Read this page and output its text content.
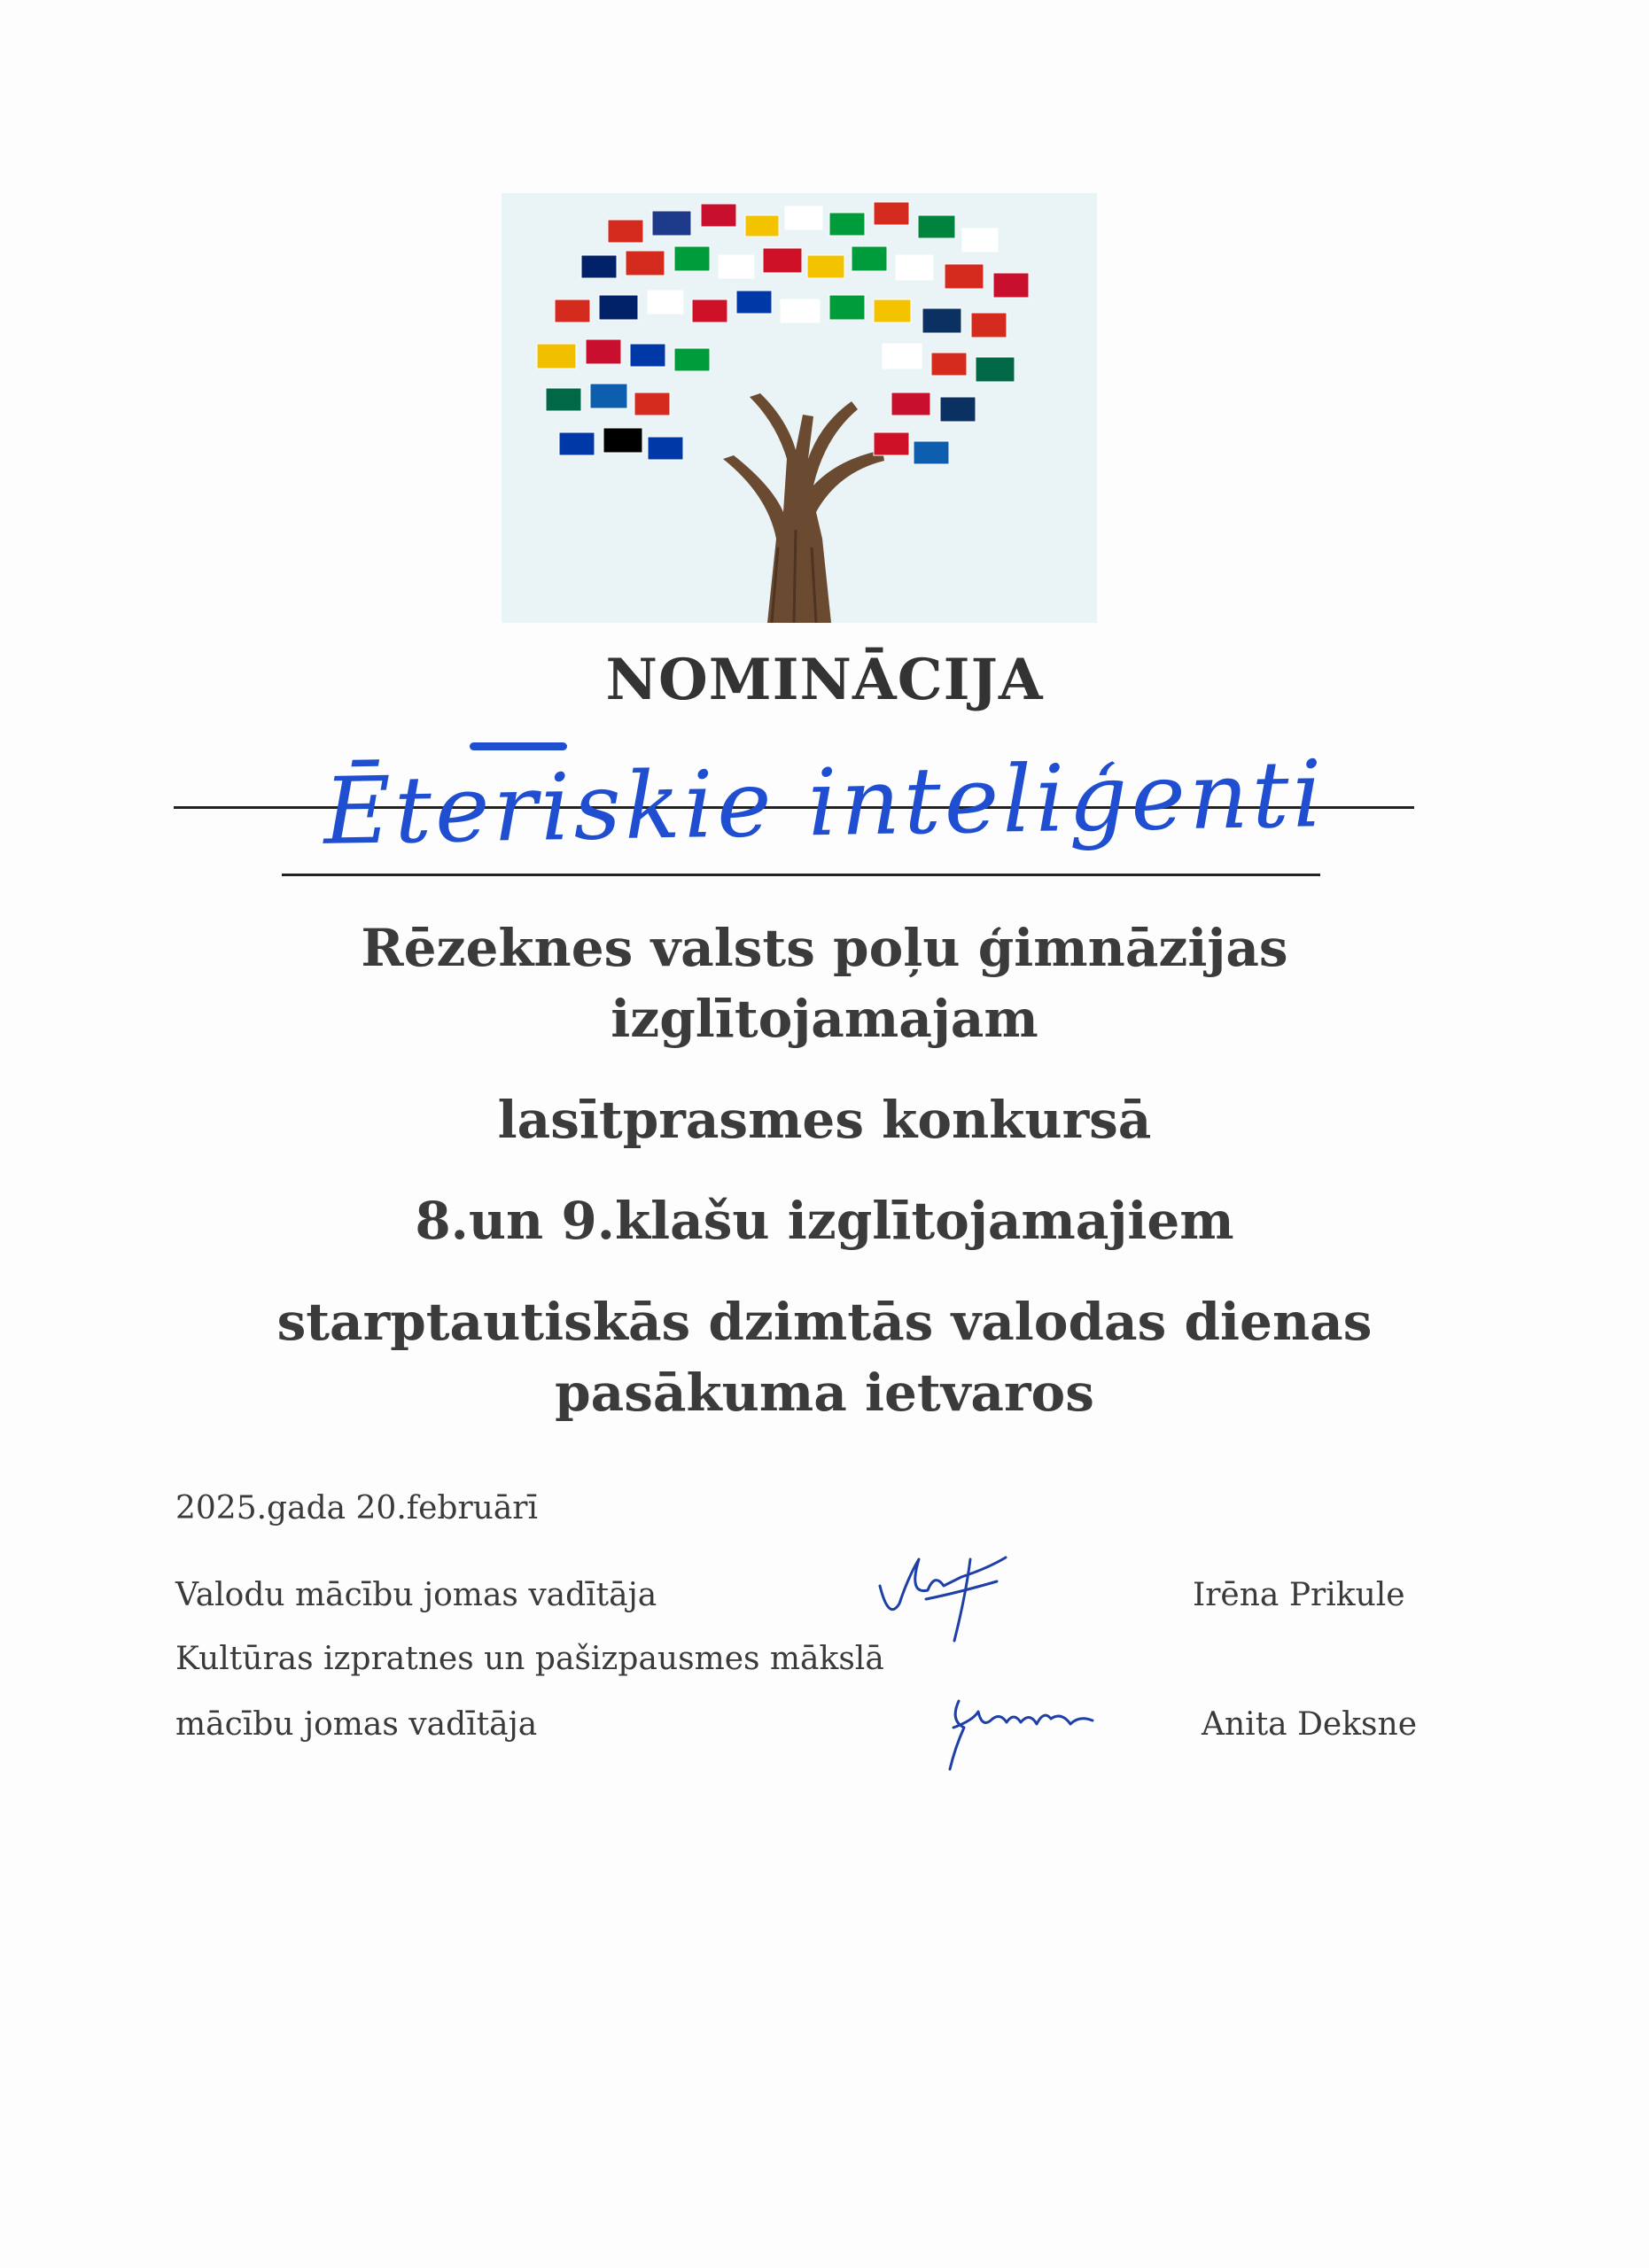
NOMINĀCIJA
Ēteriskie inteliģenti
Rēzeknes valsts poļu ģimnāzijas
izglītojamajam
lasītprasmes konkursā
8.un 9.klašu izglītojamajiem
starptautiskās dzimtās valodas dienas
pasākuma ietvaros
2025.gada 20.februārī
Valodu mācību jomas vadītāja
Kultūras izpratnes un pašizpausmes mākslā
mācību jomas vadītāja
Irēna Prikule
Anita Deksne
